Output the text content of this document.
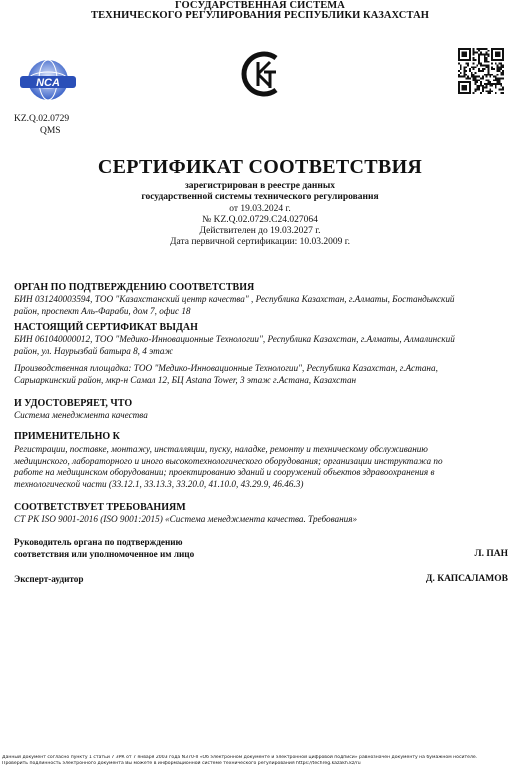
ГОСУДАРСТВЕННАЯ СИСТЕМА
ТЕХНИЧЕСКОГО РЕГУЛИРОВАНИЯ РЕСПУБЛИКИ КАЗАХСТАН
NCA
KZ
KZ.Q.02.0729
QMS
СЕРТИФИКАТ СООТВЕТСТВИЯ
зарегистрирован в реестре данных
государственной системы технического регулирования
от 19.03.2024 г.
№ KZ.Q.02.0729.С24.027064
Действителен до 19.03.2027 г.
Дата первичной сертификации: 10.03.2009 г.
ОРГАН ПО ПОДТВЕРЖДЕНИЮ СООТВЕТСТВИЯ
БИН 031240003594, ТОО "Казахстанский центр качества" , Республика Казахстан, г.Алматы, Бостандыкский
район, проспект Аль-Фараби, дом 7, офис 18
НАСТОЯЩИЙ СЕРТИФИКАТ ВЫДАН
БИН 061040000012, ТОО "Медико-Инновационные Технологии", Республика Казахстан, г.Алматы, Алмалинский
район, ул. Наурызбай батыра 8, 4 этаж
Производственная площадка: ТОО "Медико-Инновационные Технологии", Республика Казахстан, г.Астана,
Сарыаркинский район, мкр-н Самал 12, БЦ Astana Tower, 3 этаж г.Астана, Казахстан
И УДОСТОВЕРЯЕТ, ЧТО
Система менеджмента качества
ПРИМЕНИТЕЛЬНО К
Регистрации, поставке, монтажу, инсталляции, пуску, наладке, ремонту и техническому обслуживанию
медицинского, лабораторного и иного высокотехнологического оборудования; организации инструктажа по
работе на медицинском оборудовании; проектированию зданий и сооружений объектов здравоохранения в
технологической части (33.12.1, 33.13.3, 33.20.0, 41.10.0, 43.29.9, 46.46.3)
СООТВЕТСТВУЕТ ТРЕБОВАНИЯМ
СТ РК ISO 9001-2016 (ISO 9001:2015) «Система менеджмента качества. Требования»
Руководитель органа по подтверждению
соответствия или уполномоченное им лицо	Л. ПАН
Эксперт-аудитор	Д. КАПСАЛАМОВ
Данный документ согласно пункту 1 статьи 7 ЗРК от 7 января 2003 года N370-II «Об электронном документе и электронной цифровой подписи» равнозначен документу на бумажном носителе.
Проверить подлинность электронного документа Вы можете в информационной системе технического регулирования https://techreg.kazakh.kz/ru
